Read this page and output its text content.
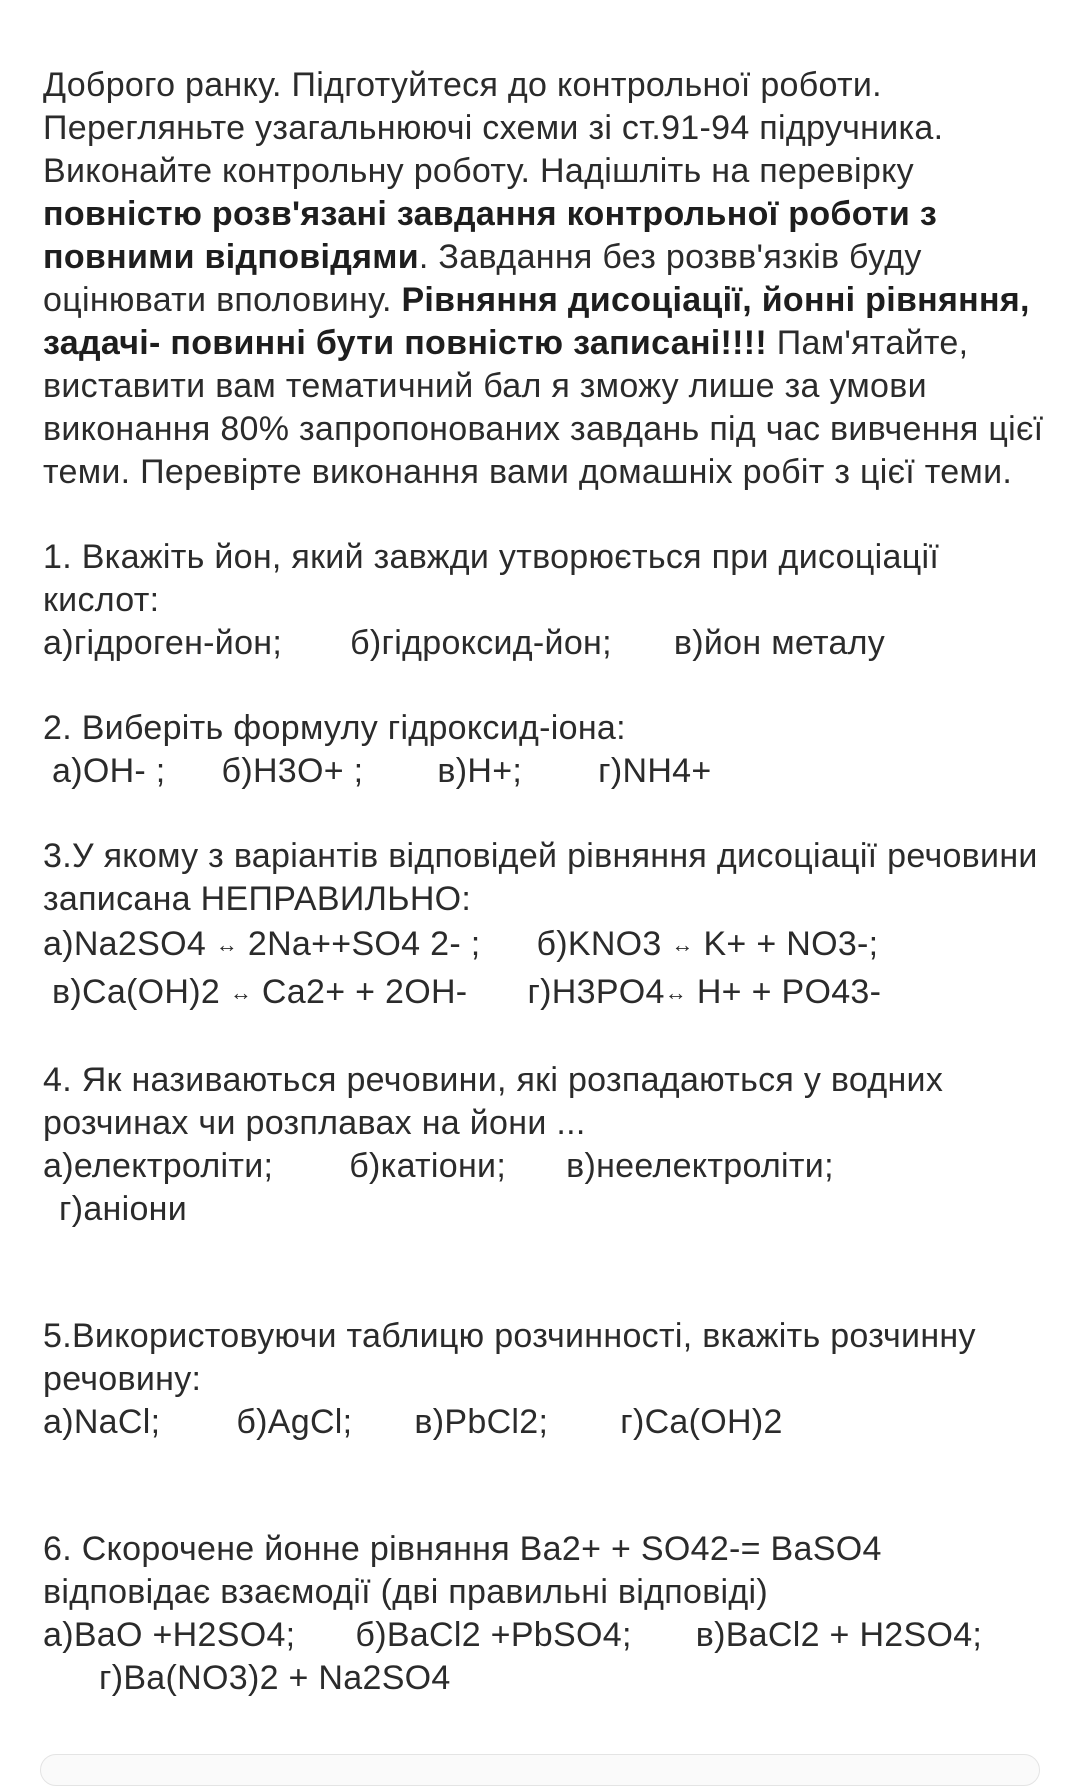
Доброго ранку. Підготуйтеся до контрольної роботи. Перегляньте узагальнюючі схеми зі ст.91-94 підручника. Виконайте контрольну роботу. Надішліть на перевірку повністю розв'язані завдання контрольної роботи з повними відповідями. Завдання без розвв'язків буду оцінювати вполовину. Рівняння дисоціації, йонні рівняння, задачі- повинні бути повністю записані!!!! Пам'ятайте, виставити вам тематичний бал я зможу лише за умови виконання 80% запропонованих завдань під час вивчення цієї теми. Перевірте виконання вами домашніх робіт з цієї теми.

1. Вкажіть йон, який завжди утворюється при дисоціації кислот:
а)гідроген-йон; б)гідроксид-йон; в)йон металу
2. Виберіть формулу гідроксид-іона:
а)OH- ; б)H3O+ ; в)H+; г)NH4+
3.У якому з варіантів відповідей рівняння дисоціації речовини записана НЕПРАВИЛЬНО:
а)Na2SO4 ↔ 2Na++SO4 2- ; б)KNO3 ↔ K+ + NO3-;
в)Ca(OH)2 ↔ Ca2+ + 2OH- г)H3PO4↔ H+ + PO43-
4. Як називаються речовини, які розпадаються у водних розчинах чи розплавах на йони ...
а)електроліти; б)катіони; в)неелектроліти;
г)аніони
5.Використовуючи таблицю розчинності, вкажіть розчинну речовину:
а)NaCl; б)AgCl; в)PbCl2; г)Ca(OH)2
6. Скорочене йонне рівняння Ba2+ + SO42-= BaSO4 відповідає взаємодії (дві правильні відповіді)
а)BaO +H2SO4; б)BaCl2 +PbSO4; в)BaCl2 + H2SO4;
г)Ba(NO3)2 + Na2SO4
